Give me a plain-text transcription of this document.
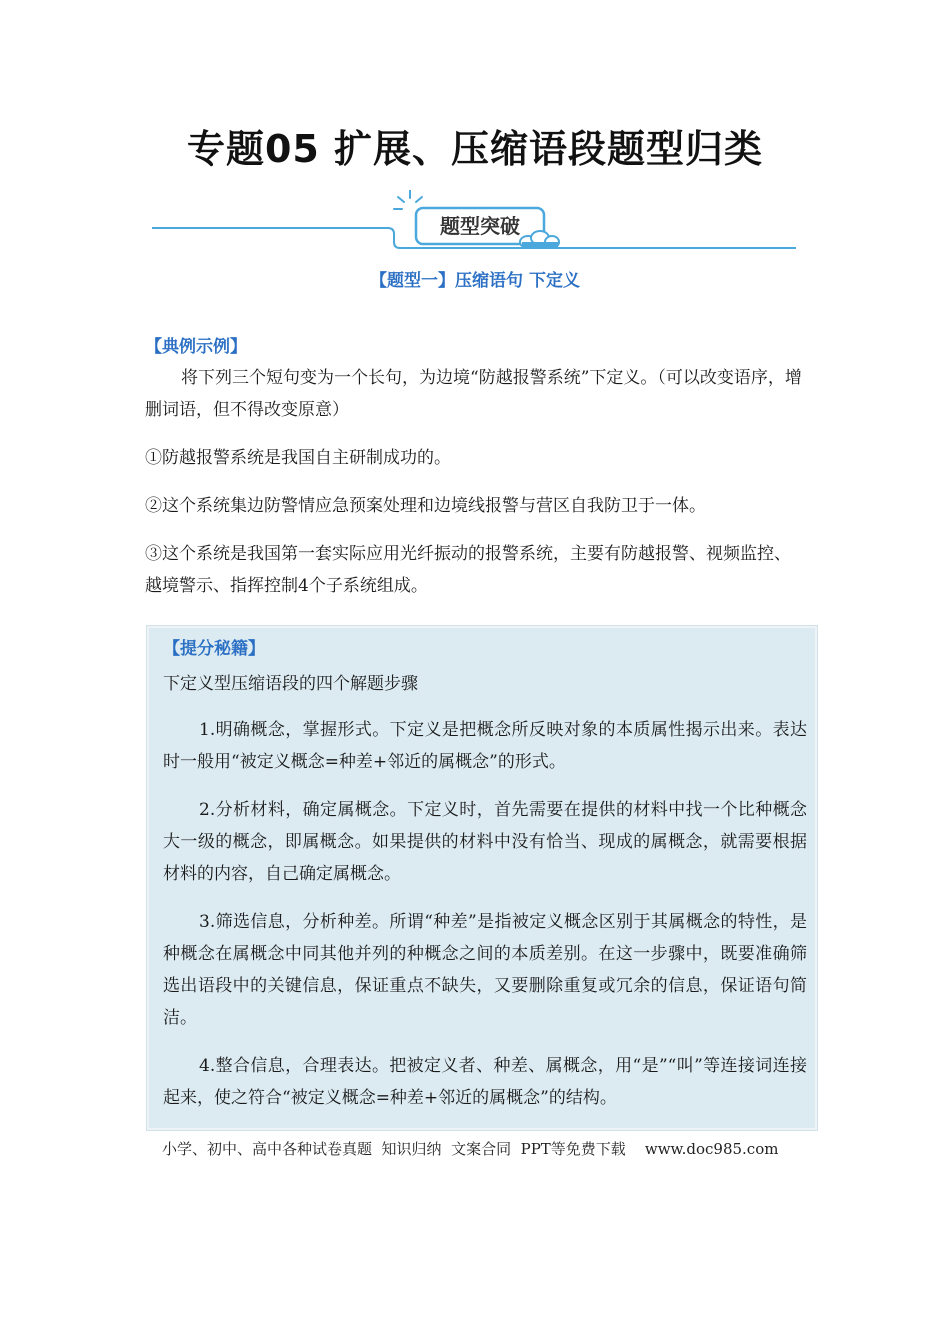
专题05 扩展、压缩语段题型归类
题型突破
【题型一】压缩语句 下定义
【典例示例】
将下列三个短句变为一个长句，为边境“防越报警系统”下定义。（可以改变语序，增删词语，但不得改变原意）
①防越报警系统是我国自主研制成功的。
②这个系统集边防警情应急预案处理和边境线报警与营区自我防卫于一体。
③这个系统是我国第一套实际应用光纤振动的报警系统，主要有防越报警、视频监控、越境警示、指挥控制4个子系统组成。
【提分秘籍】
下定义型压缩语段的四个解题步骤
1.明确概念，掌握形式。下定义是把概念所反映对象的本质属性揭示出来。表达时一般用“被定义概念=种差+邻近的属概念”的形式。
2.分析材料，确定属概念。下定义时，首先需要在提供的材料中找一个比种概念大一级的概念，即属概念。如果提供的材料中没有恰当、现成的属概念，就需要根据材料的内容，自己确定属概念。
3.筛选信息，分析种差。所谓“种差”是指被定义概念区别于其属概念的特性，是种概念在属概念中同其他并列的种概念之间的本质差别。在这一步骤中，既要准确筛选出语段中的关键信息，保证重点不缺失，又要删除重复或冗余的信息，保证语句简洁。
4.整合信息，合理表达。把被定义者、种差、属概念，用“是”“叫”等连接词连接起来，使之符合“被定义概念=种差+邻近的属概念”的结构。
小学、初中、高中各种试卷真题  知识归纳  文案合同  PPT等免费下载    www.doc985.com
